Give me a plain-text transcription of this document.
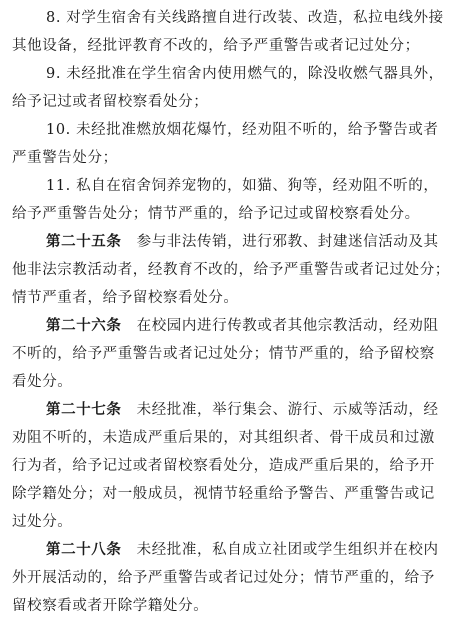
8. 对学生宿舍有关线路擅自进行改装、改造，私拉电线外接
其他设备，经批评教育不改的，给予严重警告或者记过处分；
9. 未经批准在学生宿舍内使用燃气的，除没收燃气器具外，
给予记过或者留校察看处分；
10. 未经批准燃放烟花爆竹，经劝阻不听的，给予警告或者
严重警告处分；
11. 私自在宿舍饲养宠物的，如猫、狗等，经劝阻不听的，
给予严重警告处分；情节严重的，给予记过或留校察看处分。
第二十五条　 参与非法传销，进行邪教、封建迷信活动及其
他非法宗教活动者，经教育不改的，给予严重警告或者记过处分；
情节严重者，给予留校察看处分。
第二十六条　 在校园内进行传教或者其他宗教活动，经劝阻
不听的，给予严重警告或者记过处分；情节严重的，给予留校察
看处分。
第二十七条　 未经批准，举行集会、游行、示威等活动，经
劝阻不听的，未造成严重后果的，对其组织者、骨干成员和过激
行为者，给予记过或者留校察看处分，造成严重后果的，给予开
除学籍处分；对一般成员，视情节轻重给予警告、严重警告或记
过处分。
第二十八条　 未经批准，私自成立社团或学生组织并在校内
外开展活动的，给予严重警告或者记过处分；情节严重的，给予
留校察看或者开除学籍处分。
